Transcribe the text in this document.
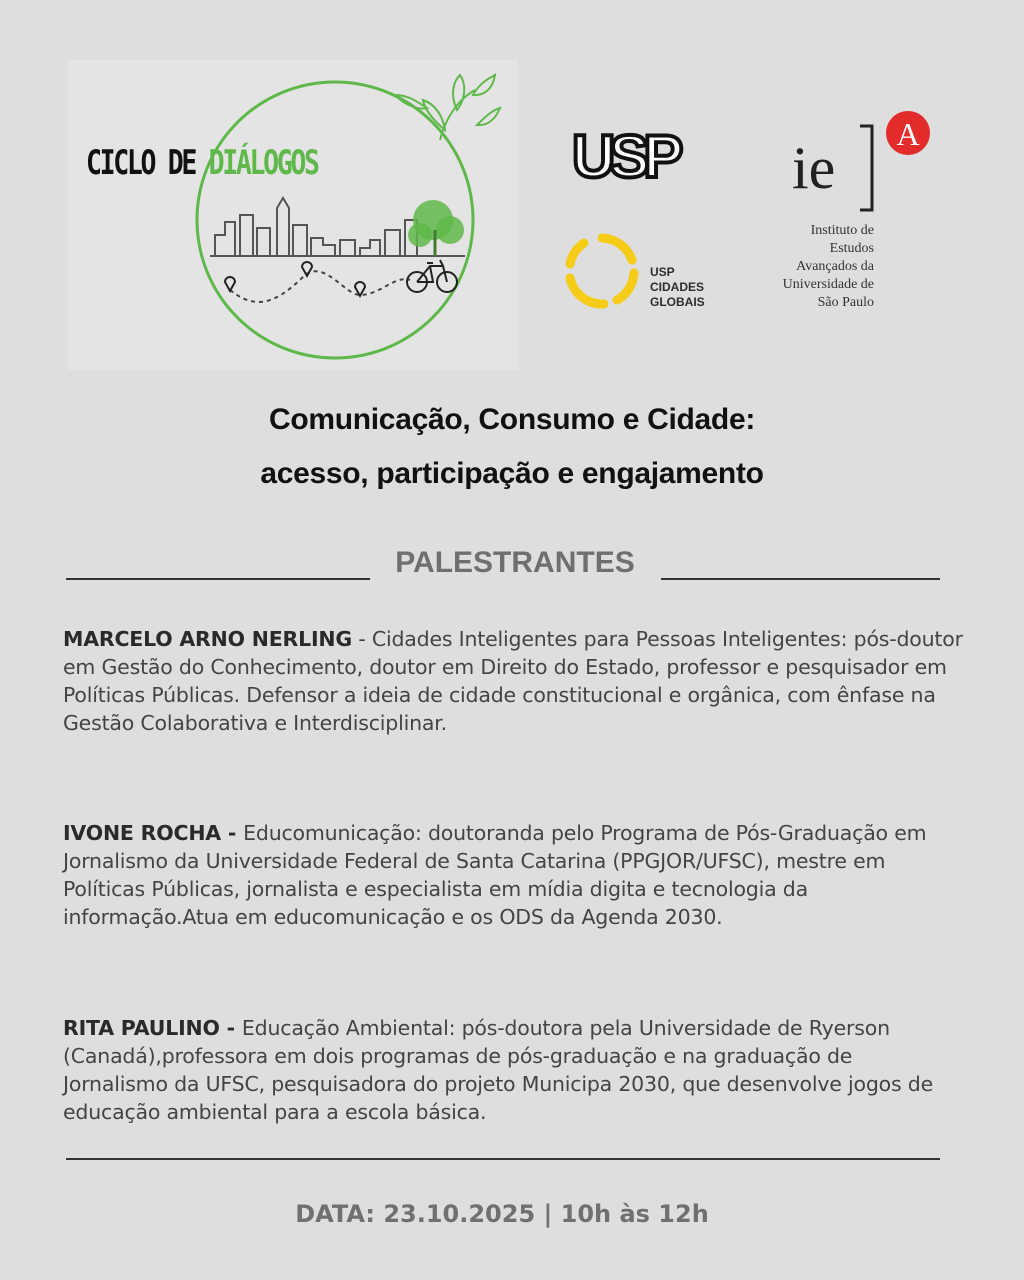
CICLO DE DIÁLOGOS	USP
USP
CIDADES
GLOBAIS
ie
A
Instituto de
Estudos
Avançados da
Universidade de
São Paulo
Comunicação, Consumo e Cidade:
acesso, participação e engajamento
PALESTRANTES
MARCELO ARNO NERLING - Cidades Inteligentes para Pessoas Inteligentes: pós-doutor em Gestão do Conhecimento, doutor em Direito do Estado, professor e pesquisador em Políticas Públicas. Defensor a ideia de cidade constitucional e orgânica, com ênfase na Gestão Colaborativa e Interdisciplinar.
IVONE ROCHA - Educomunicação: doutoranda pelo Programa de Pós-Graduação em Jornalismo da Universidade Federal de Santa Catarina (PPGJOR/UFSC), mestre em Políticas Públicas, jornalista e especialista em mídia digita e tecnologia da informação.Atua em educomunicação e os ODS da Agenda 2030.
RITA PAULINO - Educação Ambiental: pós-doutora pela Universidade de Ryerson (Canadá),professora em dois programas de pós-graduação e na graduação de Jornalismo da UFSC, pesquisadora do projeto Municipa 2030, que desenvolve jogos de educação ambiental para a escola básica.
DATA: 23.10.2025 | 10h às 12h
